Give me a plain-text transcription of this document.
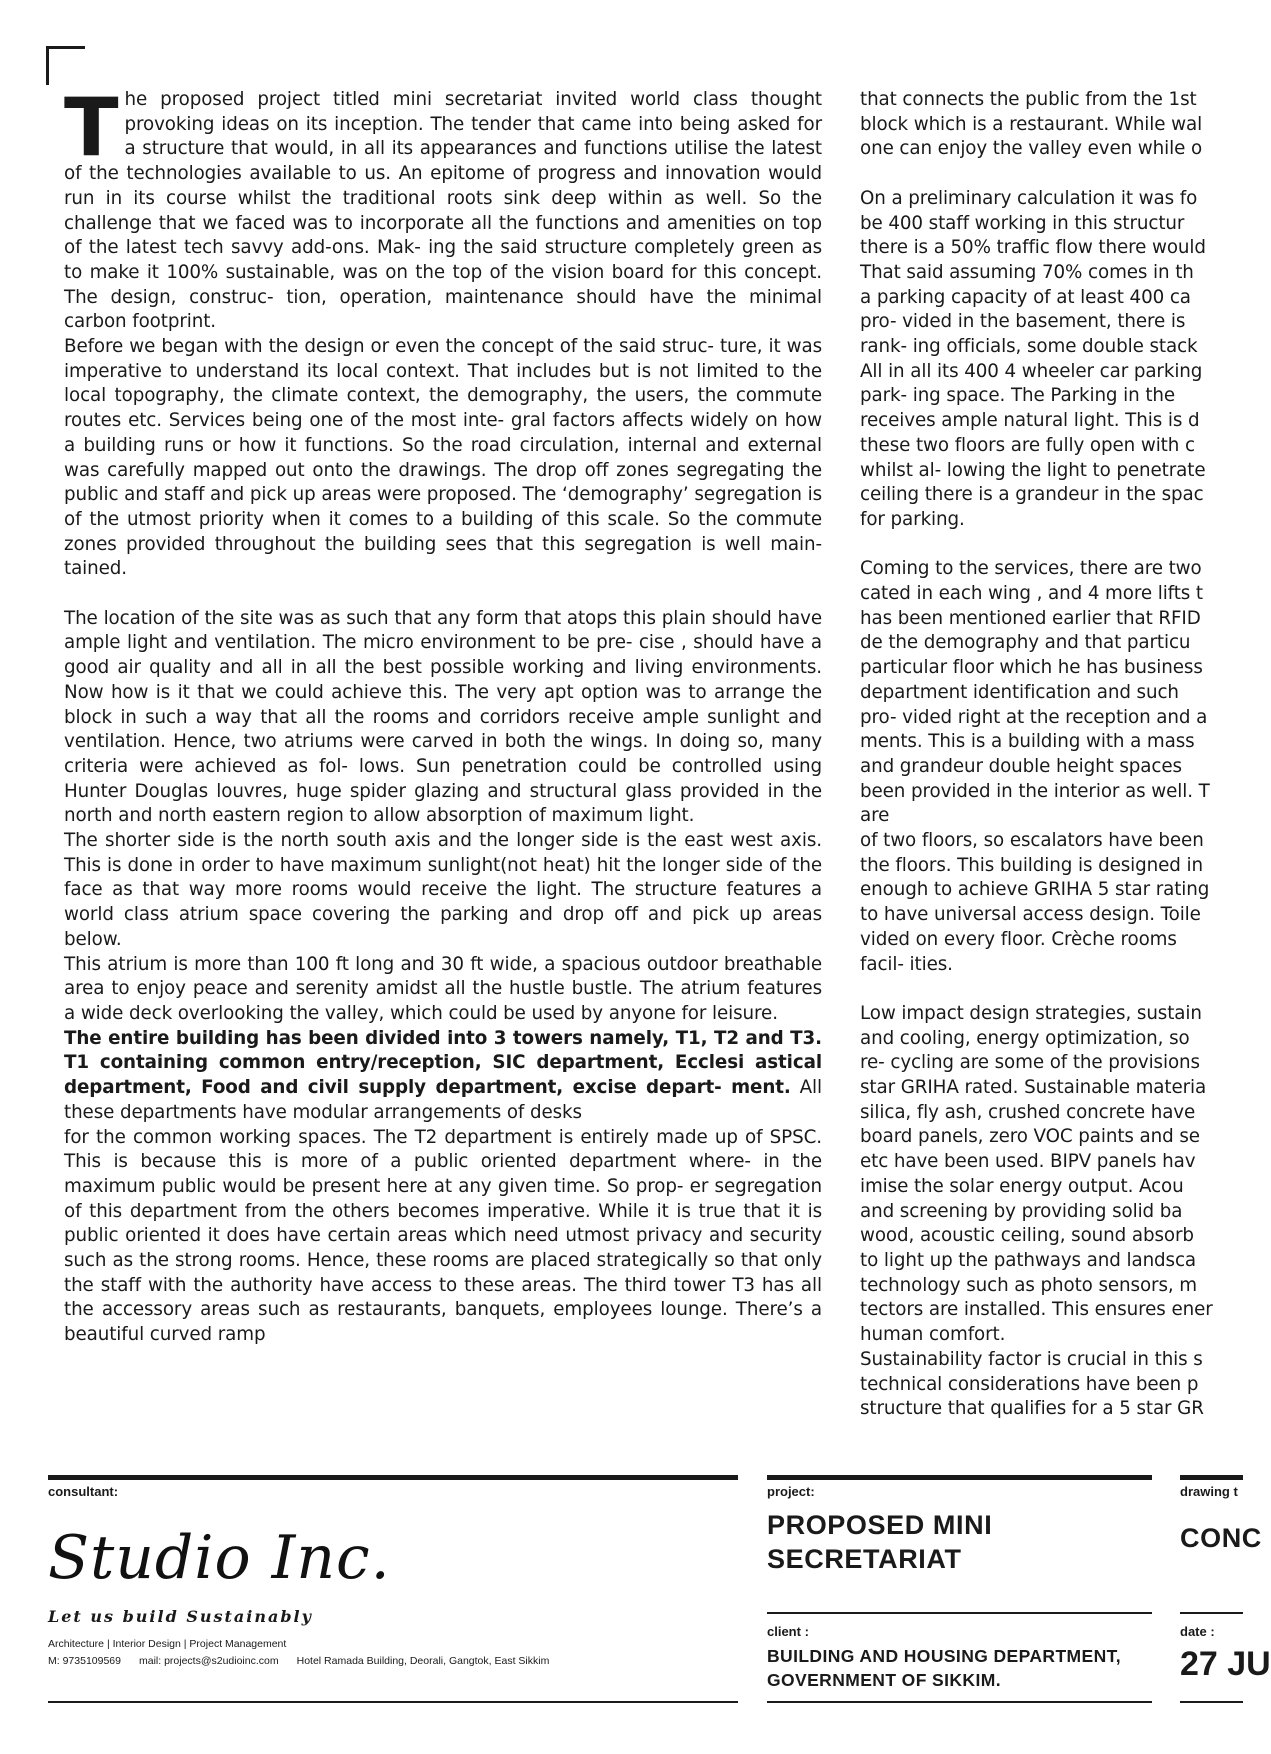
The proposed project titled mini secretariat invited world class thought provoking ideas on its inception. The tender that came into being asked for a structure that would, in all its appearances and functions utilise the latest of the technologies available to us. An epitome of progress and innovation would run in its course whilst the traditional roots sink deep within as well. So the challenge that we faced was to incorporate all the functions and amenities on top of the latest tech savvy add-ons. Mak- ing the said structure completely green as to make it 100% sustainable, was on the top of the vision board for this concept. The design, construc- tion, operation, maintenance should have the minimal carbon footprint.

Before we began with the design or even the concept of the said struc- ture, it was imperative to understand its local context. That includes but is not limited to the local topography, the climate context, the demography, the users, the commute routes etc. Services being one of the most inte- gral factors affects widely on how a building runs or how it functions. So the road circulation, internal and external was carefully mapped out onto the drawings. The drop off zones segregating the public and staff and pick up areas were proposed. The ‘demography’ segregation is of the utmost priority when it comes to a building of this scale. So the commute zones provided throughout the building sees that this segregation is well main- tained.

The location of the site was as such that any form that atops this plain should have ample light and ventilation. The micro environment to be pre- cise , should have a good air quality and all in all the best possible working and living environments. Now how is it that we could achieve this. The very apt option was to arrange the block in such a way that all the rooms and corridors receive ample sunlight and ventilation. Hence, two atriums were carved in both the wings. In doing so, many criteria were achieved as fol- lows. Sun penetration could be controlled using Hunter Douglas louvres, huge spider glazing and structural glass provided in the north and north eastern region to allow absorption of maximum light.

The shorter side is the north south axis and the longer side is the east west axis. This is done in order to have maximum sunlight(not heat) hit the longer side of the face as that way more rooms would receive the light. The structure features a world class atrium space covering the parking and drop off and pick up areas below.

This atrium is more than 100 ft long and 30 ft wide, a spacious outdoor breathable area to enjoy peace and serenity amidst all the hustle bustle. The atrium features a wide deck overlooking the valley, which could be used by anyone for leisure.

The entire building has been divided into 3 towers namely, T1, T2 and T3. T1 containing common entry/reception, SIC department, Ecclesi astical department, Food and civil supply department, excise depart- ment. All these departments have modular arrangements of desks

for the common working spaces. The T2 department is entirely made up of SPSC. This is because this is more of a public oriented department where- in the maximum public would be present here at any given time. So prop- er segregation of this department from the others becomes imperative. While it is true that it is public oriented it does have certain areas which need utmost privacy and security such as the strong rooms. Hence, these rooms are placed strategically so that only the staff with the authority have access to these areas. The third tower T3 has all the accessory areas such as restaurants, banquets, employees lounge. There’s a beautiful curved ramp

that connects the public from the 1st
block which is a restaurant. While wal
one can enjoy the valley even while o

On a preliminary calculation it was fo
be 400 staff working in this structur
there is a 50% traffic flow there would
That said assuming 70% comes in th
a parking capacity of at least 400 ca
pro- vided in the basement, there is
rank- ing officials, some double stack
All in all its 400 4 wheeler car parking
park- ing space. The Parking in the
receives ample natural light. This is d
these two floors are fully open with c
whilst al- lowing the light to penetrate
ceiling there is a grandeur in the spac
for parking.

Coming to the services, there are two
cated in each wing , and 4 more lifts t
has been mentioned earlier that RFID
de the demography and that particu
particular floor which he has business
department identification and such
pro- vided right at the reception and a
ments. This is a building with a mass
and grandeur double height spaces
been provided in the interior as well. T
are
of two floors, so escalators have been
the floors. This building is designed in
enough to achieve GRIHA 5 star rating
to have universal access design. Toile
vided on every floor. Crèche rooms
facil- ities.

Low impact design strategies, sustain
and cooling, energy optimization, so
re- cycling are some of the provisions
star GRIHA rated. Sustainable materia
silica, fly ash, crushed concrete have
board panels, zero VOC paints and se
etc have been used. BIPV panels hav
imise the solar energy output. Acou
and screening by providing solid ba
wood, acoustic ceiling, sound absorb
to light up the pathways and landsca
technology such as photo sensors, m
tectors are installed. This ensures ener
human comfort.

Sustainability factor is crucial in this s
technical considerations have been p
structure that qualifies for a 5 star GR

consultant:
Studio Inc.
Let us build Sustainably
Architecture | Interior Design | Project Management
M: 9735109569 mail: projects@s2udioinc.com Hotel Ramada Building, Deorali, Gangtok, East Sikkim
project:
PROPOSED MINI
SECRETARIAT
client :
BUILDING AND HOUSING DEPARTMENT,
GOVERNMENT OF SIKKIM.
drawing t
CONC
date :
27 JU
